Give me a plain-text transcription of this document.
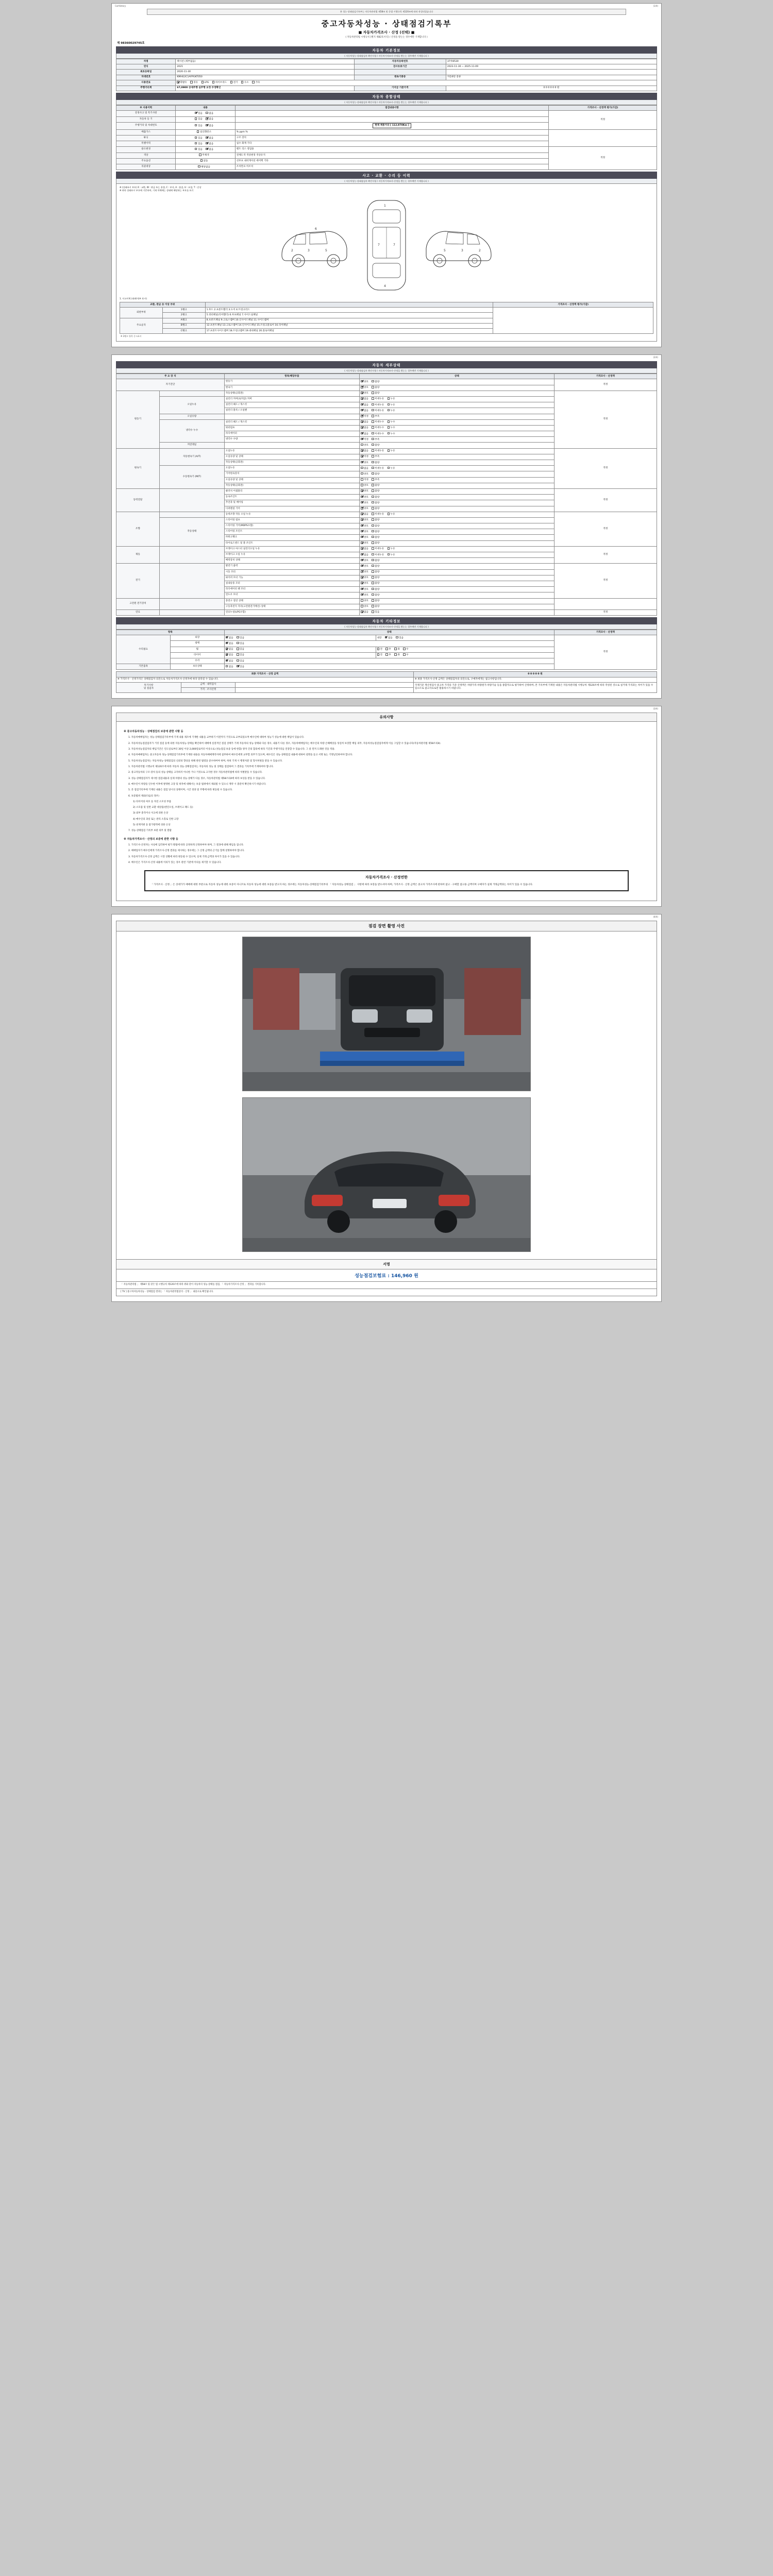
CarHistory	(1/4)
본 성능·상태점검기록부는 자동차관리법 제58조 및 동법 시행규칙 제120조에 따라 작성되었습니다
중고자동차성능 · 상태점검기록부
■ 자동차가격조사 · 산정 (선택) ■
( 자동차관리법 시행규칙 [별지 제82호서식] / 산정을 받는는 경우에만 기재합니다 )
제 98360029745호
자동차 기본정보
( 자동차성능·상태점검자 확인사항 / 자동차가격조사·산정을 받는는 경우에만 기재합니다 )
차명	택시션 (세부없음)	자동차등록번호	37루8530
연식	2021	검사유효기간	2023-11-30 ~ 2025-11-09
최초등록일	2020-11-30		
차대번호	KMHG2C1AFPGKT050	변속기종류	자동6단 중류
사용연료	휘발유 경유 LPG 하이브리드 전기 수소 기타		
주행거리계	67,0900 상세주행 실주행 보정 부정확인	기지급 기준가격	0 0 0 0 0 0 원
자동차 종합상태
( 자동차성능·상태점검자 확인사항 / 자동차가격조사·산정을 받는는 경우에만 기재합니다 )
※ 사용이력	내용	점검내용사항	가격조사 · 산정액 평가(가감)
전경사고 및 특기사항	있음 없음		적정
자동차 등 기	있음 없음		
주행거리 및 차대번호	있음 없음	현재 계통거리 [ 112,970Km ]	
배출가스	일산화탄소	% ppm %	
튜닝	있음 없음	구조 장치	
특별이력	있음 없음	침수 화재 기타	
용도변경	있음 없음	렌트 리스 영업용	적정
색상	무채색	전체도색 색상변경 색상유지	
주요옵션	없음	선루프 내비게이션 에어백 기타	
리콜대상	해당없음	조치완료 미조치	
사고 · 교환 · 수리 등 이력
( 자동차성능·상태점검자 확인사항 / 자동차가격조사·산정을 받는는 경우에만 기재합니다 )
※ (상태표시 부호) X : 교환, W : 판금 또는 용접, C : 부식, A : 흠집, U : 요철, T : 손상
※ 하단 상태표시 부호에 기준하여, 기재 차체에는 상태에 해당하는 부호를 표기
2	3	5
6
1
4
7	7
2
3
5
1. 사고이력 (외판/내부 표시)
교환, 판금 등 이상 부위			가격조사 · 산정액 평가(가감)
외판부위	1랭크	1.후드 2.프론트휀더 3.도어 4.트렁크리드	
	2랭크	5.쿼터패널(리어휀더) 6.루프패널 7.사이드실패널	
주요골격	A랭크	8.프론트패널 9.크로스멤버 10.인사이드패널 11.사이드멤버	
	B랭크	12.프론트패널 13.크로스멤버 14.인사이드패널 15.트렁크플로어 16.리어패널	
	C랭크	17.프론트사이드멤버 18.트렁크멤버 19.대쉬패널 20.플로어패널	
※ 2랭크 항목 중 n표시
(2/4)
자동차 세부상태
( 자동차성능·상태점검자 확인사항 / 자동차가격조사·산정을 받는는 경우에만 기재합니다 )
주 요 장 치		항목/해당부품	상태	가격조사 · 산정액
자기진단		원동기	양호 불량	적정
		변속기	양호 불량	
원동기		작동상태(공회전)	양호 불량	적정
	오일누유	실린더 커버(로커암) 커버	없음 미세누유 누유	
		실린더 헤드 / 개스킷	없음 미세누유 누유	
		실린더 블록 / 오일팬	없음 미세누유 누유	
	오일유량		적정 부족	
	냉각수 누수	실린더 헤드 / 개스킷	없음 미세누수 누수	
		워터펌프	없음 미세누수 누수	
		라디에이터	없음 미세누수 누수	
		냉각수 수량	적정 부족	
	커먼레일		양호 불량	
변속기	자동변속기 (A/T)	오일누유	없음 미세누유 누유	적정
		오일유량 및 상태	적정 부족	
		작동상태(공회전)	양호 불량	
	수동변속기 (M/T)	오일누유	없음 미세누유 누유	
		기어변속장치	양호 불량	
		오일유량 및 상태	적정 부족	
		작동상태(공회전)	양호 불량	
동력전달		클러치 어셈블리	양호 불량	적정
		등속조인트	양호 불량	
		추진축 및 베어링	양호 불량	
		디퍼렌셜 기어	양호 불량	
조향		동력조향 작동 오일 누유	없음 미세누유 누유	적정
	작동상태	스티어링 펌프	양호 불량	
		스티어링 기어(MDPS포함)	양호 불량	
		스티어링 조인트	양호 불량	
		파워크랭크	양호 불량	
		타이로드엔드 및 볼 조인트	양호 불량	
제동		브레이크 마스터 실린더오일 누유	없음 미세누유 누유	적정
		브레이크 오일 누유	없음 미세누유 누유	
		배력장치 상태	양호 불량	
전기		발전기 출력	양호 불량	적정
		시동 모터	양호 불량	
		와이퍼 모터 기능	양호 불량	
		실내송풍 모터	양호 불량	
		라디에이터 팬 모터	양호 불량	
		윈도우 모터	양호 불량	
고전원 전기장치		충전구 절연 상태	양호 불량	
		구동축전지 격리(고전원전기배선) 상태	양호 불량	
연료		연료누설(LPG포함)	없음 있음	적정
자동차 기타정보
( 자동차성능·상태점검자 확인사항 / 자동차가격조사·산정을 받는는 경우에만 기재합니다 )
항목		상태		가격조사 · 산정액
수리필요	외장	없음 있음	내장 없음 있음	적정
	광택	없음 있음		
	휠	없음 있음	전 후 좌 우	
	타이어	없음 있음	전 후 좌 우	
	유리	없음 있음		
기본품목	보유상태	없음 있음		
최종 가격조사 · 산정 금액			0 0 0 0 0 원
※ 가격조사 · 산정가격은 상태점검자 의견으로 자동차가격조사·산정자에 따라 달라질 수 있습니다.			※ 최종 가격조사·산정 금액은 상태점검자의 의견으로, 구매자에게는 참고사항입니다.
특기사항
및 점검자	금액 · 내역검사		국제기준 재산정검사 중고차 가격의 기준 산정액은 차량가격·차량원가·차량기술 등을 종합적으로 평가하여 산정하며, 본 기록부에 기재된 내용은 자동차관리법 시행규칙 제120조에 따라 작성된 것으로 실거래 가격과는 차이가 있을 수 있으므로 참고자료로만 활용하시기 바랍니다.
	가격 · 조사산정		
(3/4)
유의사항
※ 중고자동차성능 · 상태점검의 보증에 관한 사항 등

1. 자동차매매업자는 성능·상태점검기록부에 기재 내용 제조에 기재한 내용을 교부하기 이전까지 거짓으로 교부되었으며 매수인에 대하여 성능기 성능에 대한 책임이 있습니다.

2. 자동차성능점검업자가 거짓 점검 등에 의한 자동차성능·상태를 확인하여 대매에 실질적인 점검 상태가 기재 자동차의 성능·상태와 다른 경우, 내용기 다른 경우, 자동차매매업자는 매수인의 차량 손해배상을 성실히 보장할 책임 의무, 자동차성능점검업자에게 이를 구입할 수 있습니다(자동차관리법 제58조의4).

3. 자동차성능점검자의 책임기간은 인도일로부터 30일 이상 2,000킬로미터 이상으로 (성능점검 보증 등에 한함) 양자 간의 합의에 따라 기간과 주행거리를 연장할 수 있습니다. 그 중 먼저 도래한 것을 적용.

4. 자동차매매업자는 중고자동차 성능·상태점검기록부에 기재한 내용을 자동차매매계약서에 첨부하여 매수인에게 교부할 의무가 있으며, 매수인은 성능·상태점검 내용에 대하여 설명을 듣고 서명 또는 기명날인하여야 합니다.

5. 자동차성능점검자는 자동차성능·상태점검의 신뢰성 향상을 위해 관련 법령을 준수하여야 하며, 허위 기재 시 행정처분 및 형사처벌을 받을 수 있습니다.

1. 자동차관리법 시행규칙 제120조에 따라 자동차 성능·상태점검자는 자동차의 성능 및 상태를 점검하여 그 결과를 기록부에 기재하여야 합니다.

2. 중고자동차의 구조·장치 등의 성능·상태를 고지하지 아니한 거나 거짓으로 고지한 경우 자동차관리법에 따라 처벌받을 수 있습니다.

3. 성능·상태점검자가 제시한 점검내용과 실제 차량의 성능·상태가 다를 경우, 자동차관리법 제58조의4에 따라 보상을 받을 수 있습니다.

4. 매수인이 차량을 인수한 이후에 발생한 고장 및 하자에 대해서는 보증 범위에서 제외될 수 있으니 계약 시 충분히 확인하시기 바랍니다.

5. 본 점검기록부에 기재된 내용은 점검 당시의 상태이며, 시간 경과 및 주행에 따라 변동될 수 있습니다.

6. 보증범위 제외(다음의 경우)

1) 타이어의 마모 등 자연 소모성 부품

2) 소모품 및 일반 교환 대상품(엔진오일, 브레이크 패드 등)

3) 외부 충격이나 사고에 의한 손상

4) 매수인의 과실 또는 관리 소홀로 인한 고장

5) 천재지변 등 불가항력에 의한 손상

7. 성능·상태점검 기록부 보관 의무 및 열람

※ 자동차가격조사 · 산정의 보증에 관한 사항 등

1. 가격조사·산정자는 사실에 입각하여 평가 방법에 따라 공정하게 산정하여야 하며, 그 결과에 대해 책임을 집니다.

2. 매매업자가 매수인에게 가격조사·산정 결과를 제시하는 경우에는 그 산정 금액의 근거를 함께 설명하여야 합니다.

3. 자동차가격조사·산정 금액은 시장 상황에 따라 변동될 수 있으며, 실제 거래 금액과 차이가 있을 수 있습니다.

4. 매수인은 가격조사·산정 내용에 이의가 있는 경우 관련 기관에 이의를 제기할 수 있습니다.

자동차가격조사 · 산정연한
「 가격조사 · 산정 」은 상대가가 매매에 대한 부분으로 자동차 성능에 대한 보증이 아니므로 자동차 성능에 대한 보증을 받고자 하는 경우에는 자동차성능·상태점검기록부의 「 자동차성능·상태점검 」 사항에 따라 보장을 받으셔야 하며, 가격조사 · 산정 금액은 중고차 가격조사에 관하여 참고 · 구매할 참고용 금액이며 구매자가 실제 거래금액과는 차이가 있을 수 있습니다.
(4/4)
점검 장면 촬영 사진
서명
성능점검보험료 : 146,960 원
「 자동차관리법 」 제58조 및 같은 법 시행규칙 제120조에 따라 위와 같이 자동차의 성능·상태를 점검, 「 자동차가격조사·산정 」 결과를 기록합니다.
[ TV ] 중고차자동차성능 · 상태점검 결과는 「 자동차관리법상의 · 산정 」 내용으로 확인됩니다.
